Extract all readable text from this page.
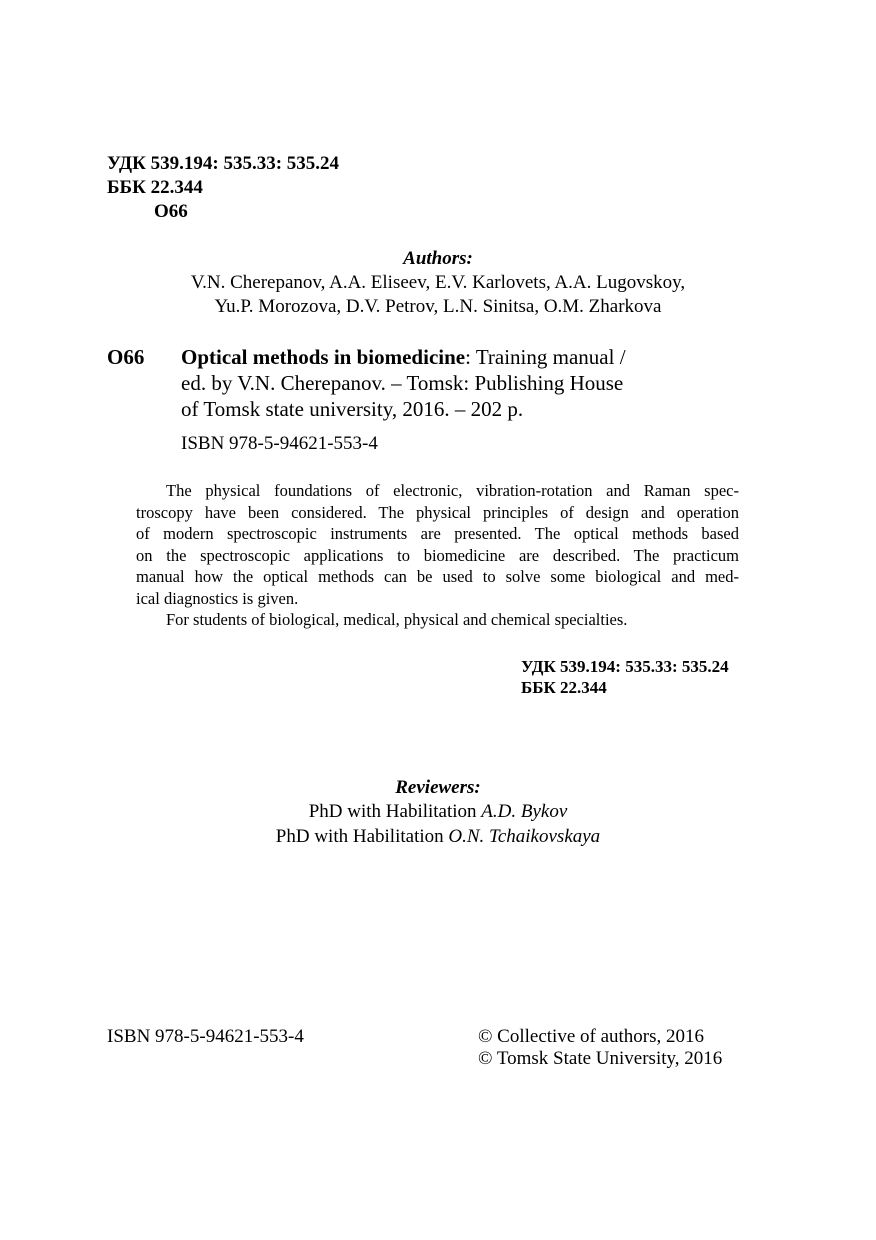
УДК 539.194: 535.33: 535.24
ББК 22.344
O66
Authors:
V.N. Cherepanov, A.A. Eliseev, E.V. Karlovets, A.A. Lugovskoy,
Yu.P. Morozova, D.V. Petrov, L.N. Sinitsa, O.M. Zharkova
O66 Optical methods in biomedicine: Training manual /
ed. by V.N. Cherepanov. – Tomsk: Publishing House
of Tomsk state university, 2016. – 202 p.
ISBN 978-5-94621-553-4
The physical foundations of electronic, vibration-rotation and Raman spec-
troscopy have been considered. The physical principles of design and operation
of modern spectroscopic instruments are presented. The optical methods based
on the spectroscopic applications to biomedicine are described. The practicum
manual how the optical methods can be used to solve some biological and med-
ical diagnostics is given.
For students of biological, medical, physical and chemical specialties.
УДК 539.194: 535.33: 535.24
ББК 22.344
Reviewers:
PhD with Habilitation A.D. Bykov
PhD with Habilitation O.N. Tchaikovskaya
ISBN 978-5-94621-553-4	© Collective of authors, 2016
© Tomsk State University, 2016
